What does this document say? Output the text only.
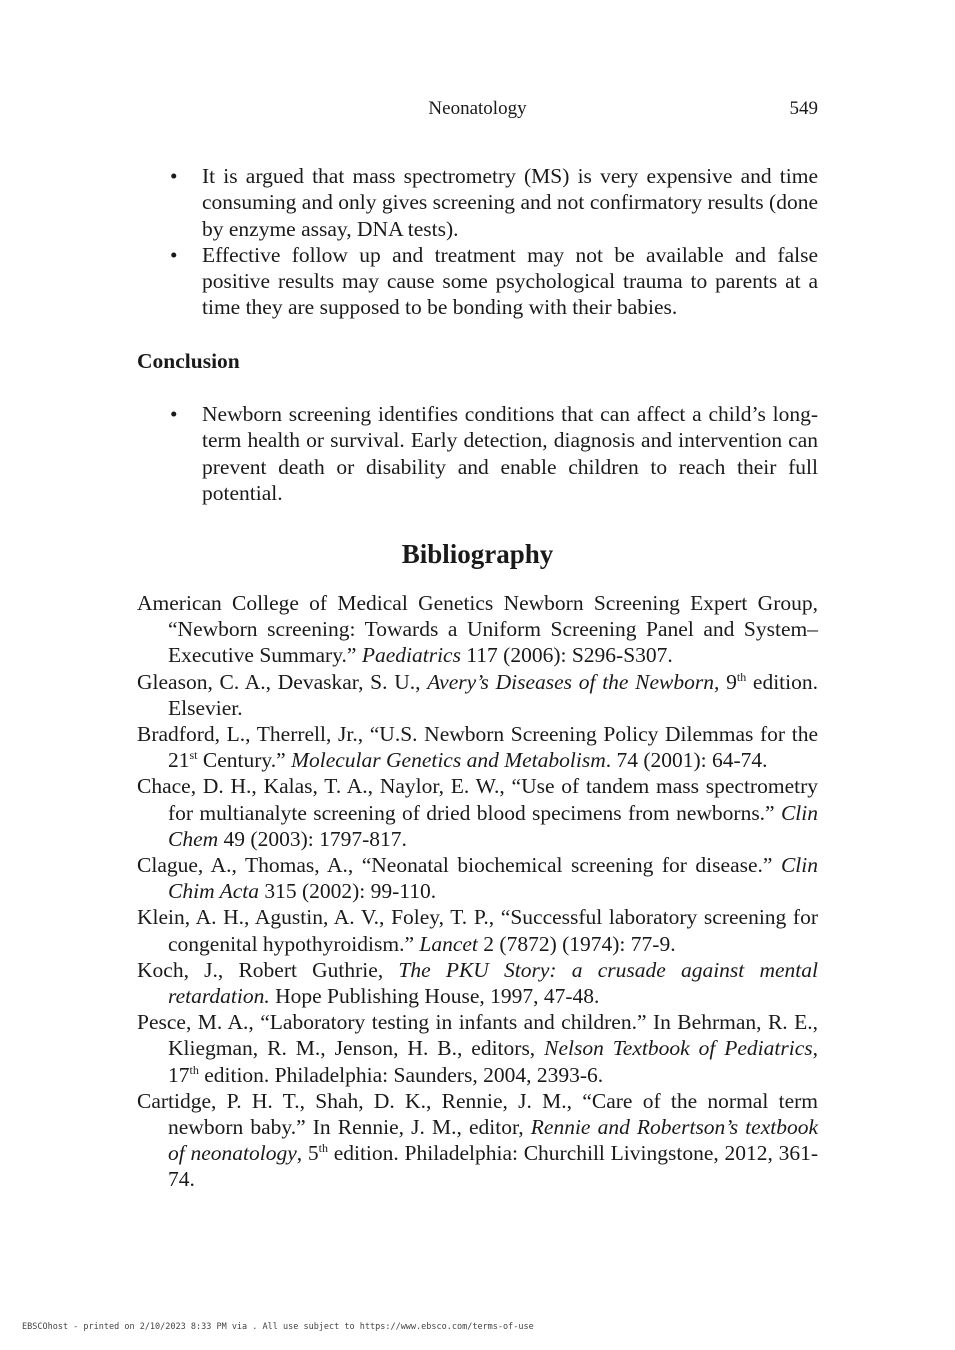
Neonatology	549
•	It is argued that mass spectrometry (MS) is very expensive and time consuming and only gives screening and not confirmatory results (done by enzyme assay, DNA tests).
•	Effective follow up and treatment may not be available and false positive results may cause some psychological trauma to parents at a time they are supposed to be bonding with their babies.
Conclusion
•	Newborn screening identifies conditions that can affect a child’s long-term health or survival. Early detection, diagnosis and intervention can prevent death or disability and enable children to reach their full potential.
Bibliography
American College of Medical Genetics Newborn Screening Expert Group, “Newborn screening: Towards a Uniform Screening Panel and System–Executive Summary.” Paediatrics 117 (2006): S296-S307.
Gleason, C. A., Devaskar, S. U., Avery’s Diseases of the Newborn, 9th edition. Elsevier.
Bradford, L., Therrell, Jr., “U.S. Newborn Screening Policy Dilemmas for the 21st Century.” Molecular Genetics and Metabolism. 74 (2001): 64-74.
Chace, D. H., Kalas, T. A., Naylor, E. W., “Use of tandem mass spectrometry for multianalyte screening of dried blood specimens from newborns.” Clin Chem 49 (2003): 1797-817.
Clague, A., Thomas, A., “Neonatal biochemical screening for disease.” Clin Chim Acta 315 (2002): 99-110.
Klein, A. H., Agustin, A. V., Foley, T. P., “Successful laboratory screening for congenital hypothyroidism.” Lancet 2 (7872) (1974): 77-9.
Koch, J., Robert Guthrie, The PKU Story: a crusade against mental retardation. Hope Publishing House, 1997, 47-48.
Pesce, M. A., “Laboratory testing in infants and children.” In Behrman, R. E., Kliegman, R. M., Jenson, H. B., editors, Nelson Textbook of Pediatrics, 17th edition. Philadelphia: Saunders, 2004, 2393-6.
Cartidge, P. H. T., Shah, D. K., Rennie, J. M., “Care of the normal term newborn baby.” In Rennie, J. M., editor, Rennie and Robertson’s textbook of neonatology, 5th edition. Philadelphia: Churchill Livingstone, 2012, 361-74.
EBSCOhost - printed on 2/10/2023 8:33 PM via . All use subject to https://www.ebsco.com/terms-of-use
